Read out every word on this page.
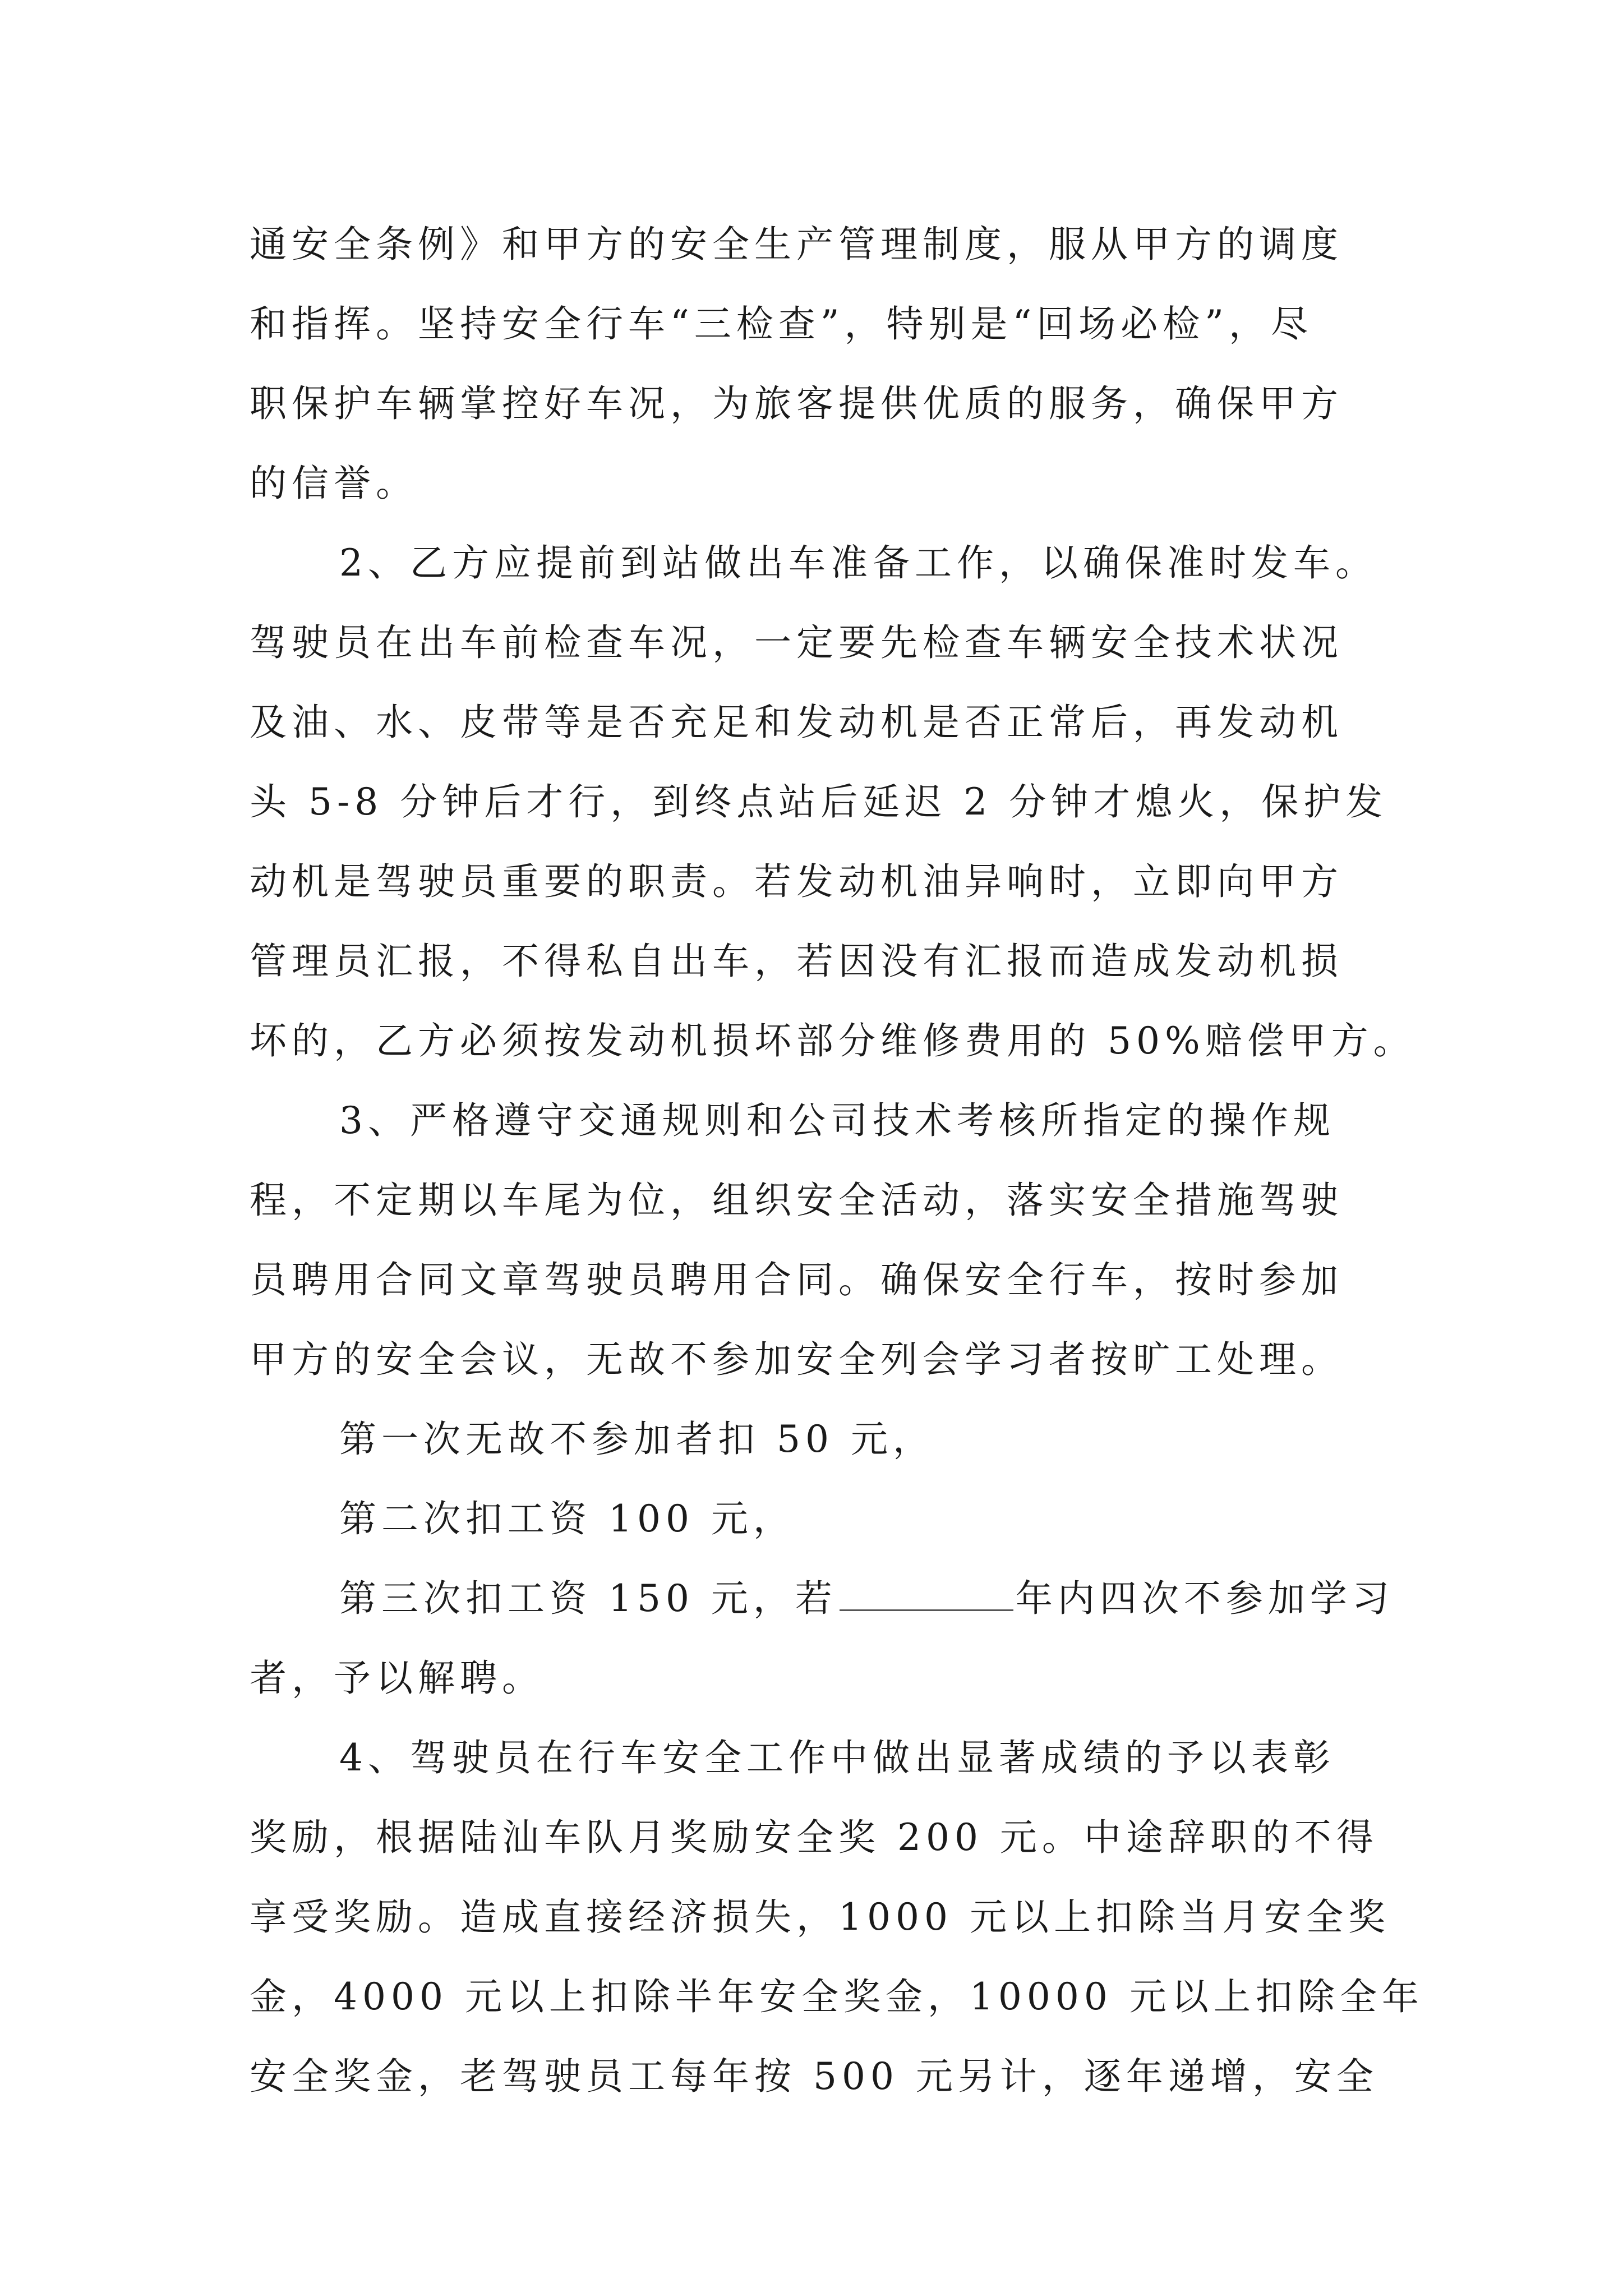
通安全条例》和甲方的安全生产管理制度，服从甲方的调度
和指挥。坚持安全行车“三检查”，特别是“回场必检”，尽
职保护车辆掌控好车况，为旅客提供优质的服务，确保甲方
的信誉。
2、乙方应提前到站做出车准备工作，以确保准时发车。
驾驶员在出车前检查车况，一定要先检查车辆安全技术状况
及油、水、皮带等是否充足和发动机是否正常后，再发动机
头 5-8 分钟后才行，到终点站后延迟 2 分钟才熄火，保护发
动机是驾驶员重要的职责。若发动机油异响时，立即向甲方
管理员汇报，不得私自出车，若因没有汇报而造成发动机损
坏的，乙方必须按发动机损坏部分维修费用的 50%赔偿甲方。
3、严格遵守交通规则和公司技术考核所指定的操作规
程，不定期以车尾为位，组织安全活动，落实安全措施驾驶
员聘用合同文章驾驶员聘用合同。确保安全行车，按时参加
甲方的安全会议，无故不参加安全列会学习者按旷工处理。
第一次无故不参加者扣 50 元，
第二次扣工资 100 元，
第三次扣工资 150 元，若	年内四次不参加学习
者，予以解聘。
4、驾驶员在行车安全工作中做出显著成绩的予以表彰
奖励，根据陆汕车队月奖励安全奖 200 元。中途辞职的不得
享受奖励。造成直接经济损失，1000 元以上扣除当月安全奖
金，4000 元以上扣除半年安全奖金，10000 元以上扣除全年
安全奖金，老驾驶员工每年按 500 元另计，逐年递增，安全
